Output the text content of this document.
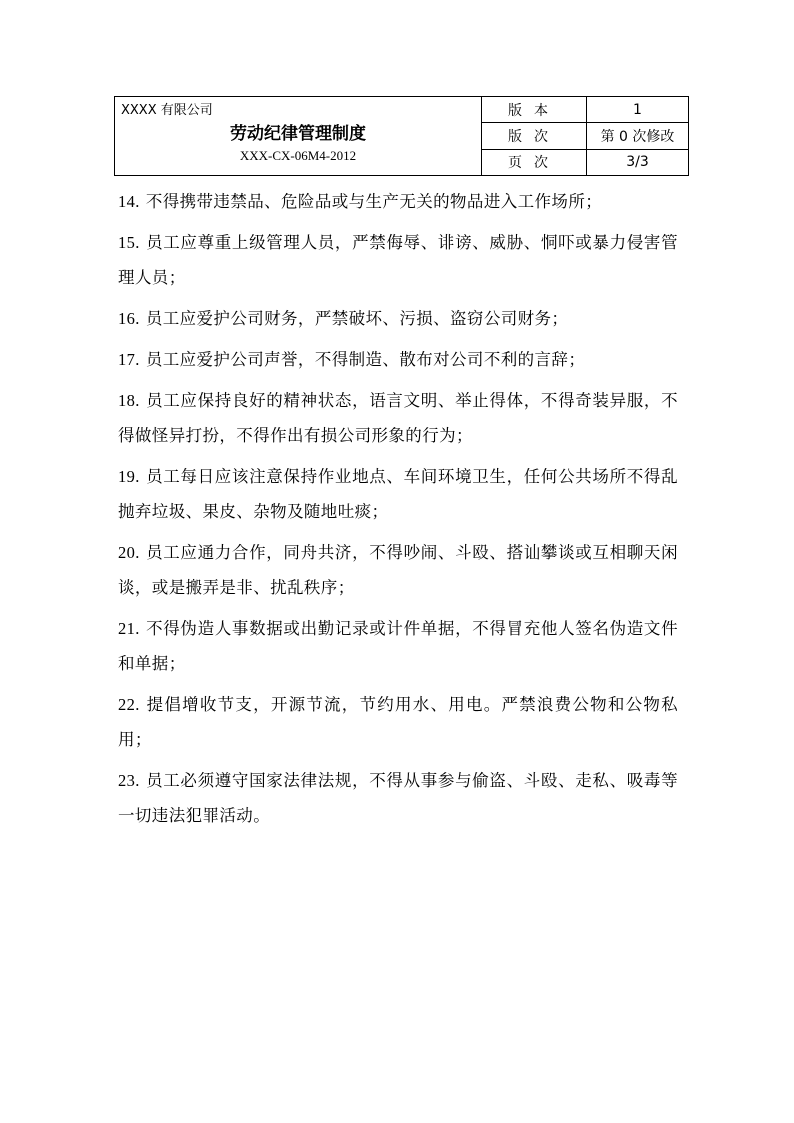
XXXX 有限公司
劳动纪律管理制度
XXX-CX-06M4-2012	版本	1
	版次	第 0 次修改
	页次	3/3

14. 不得携带违禁品、危险品或与生产无关的物品进入工作场所；

15. 员工应尊重上级管理人员，严禁侮辱、诽谤、威胁、恫吓或暴力侵害管理人员；

16. 员工应爱护公司财务，严禁破坏、污损、盗窃公司财务；

17. 员工应爱护公司声誉，不得制造、散布对公司不利的言辞；

18. 员工应保持良好的精神状态，语言文明、举止得体，不得奇装异服，不得做怪异打扮，不得作出有损公司形象的行为；

19. 员工每日应该注意保持作业地点、车间环境卫生，任何公共场所不得乱抛弃垃圾、果皮、杂物及随地吐痰；

20. 员工应通力合作，同舟共济，不得吵闹、斗殴、搭讪攀谈或互相聊天闲谈，或是搬弄是非、扰乱秩序；

21. 不得伪造人事数据或出勤记录或计件单据，不得冒充他人签名伪造文件和单据；

22. 提倡增收节支，开源节流，节约用水、用电。严禁浪费公物和公物私用；

23. 员工必须遵守国家法律法规，不得从事参与偷盗、斗殴、走私、吸毒等一切违法犯罪活动。
